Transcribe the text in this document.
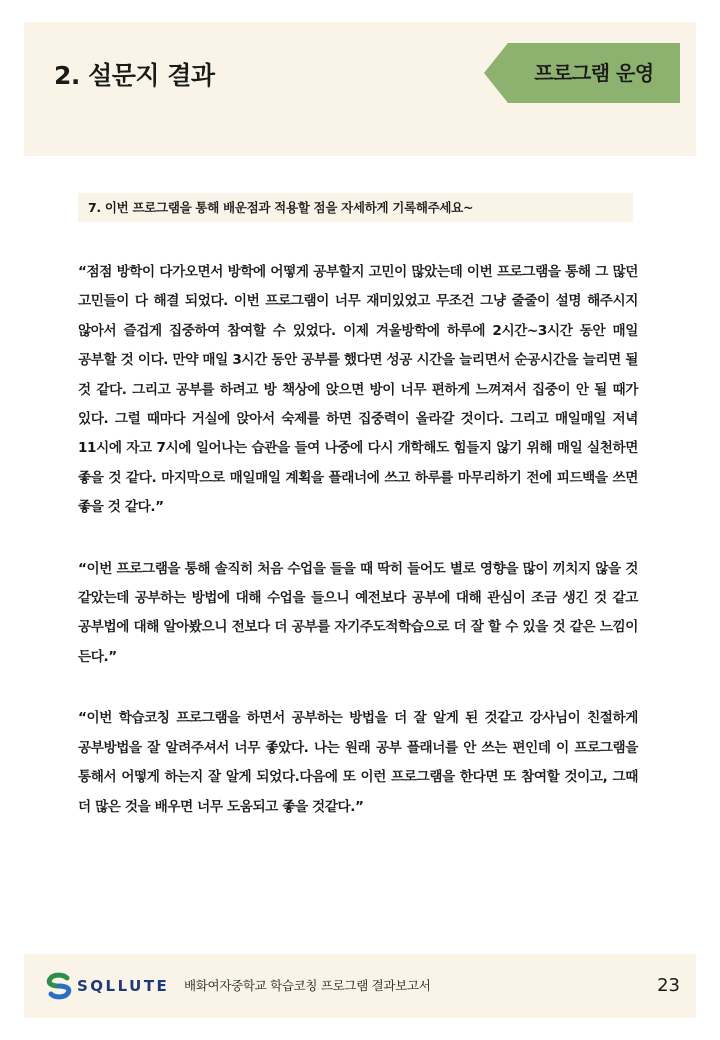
2. 설문지 결과	프로그램 운영
7. 이번 프로그램을 통해 배운점과 적용할 점을 자세하게 기록해주세요~

“점점 방학이 다가오면서 방학에 어떻게 공부할지 고민이 많았는데 이번 프로그램을 통해 그 많던 고민들이 다 해결 되었다. 이번 프로그램이 너무 재미있었고 무조건 그냥 줄줄이 설명 해주시지 않아서 즐겁게 집중하여 참여할 수 있었다. 이제 겨울방학에 하루에 2시간~3시간 동안 매일 공부할 것 이다. 만약 매일 3시간 동안 공부를 했다면 성공 시간을 늘리면서 순공시간을 늘리면 될 것 같다. 그리고 공부를 하려고 방 책상에 앉으면 방이 너무 편하게 느껴져서 집중이 안 될 때가 있다. 그럴 때마다 거실에 앉아서 숙제를 하면 집중력이 올라갈 것이다. 그리고 매일매일 저녁 11시에 자고 7시에 일어나는 습관을 들여 나중에 다시 개학해도 힘들지 않기 위해 매일 실천하면 좋을 것 같다. 마지막으로 매일매일 계획을 플래너에 쓰고 하루를 마무리하기 전에 피드백을 쓰면 좋을 것 같다.”

“이번 프로그램을 통해 솔직히 처음 수업을 들을 때 딱히 들어도 별로 영향을 많이 끼치지 않을 것 같았는데 공부하는 방법에 대해 수업을 들으니 예전보다 공부에 대해 관심이 조금 생긴 것 같고 공부법에 대해 알아봤으니 전보다 더 공부를 자기주도적학습으로 더 잘 할 수 있을 것 같은 느낌이 든다.”

“이번 학습코칭 프로그램을 하면서 공부하는 방법을 더 잘 알게 된 것같고 강사님이 친절하게 공부방법을 잘 알려주셔서 너무 좋았다. 나는 원래 공부 플래너를 안 쓰는 편인데 이 프로그램을 통해서 어떻게 하는지 잘 알게 되었다.다음에 또 이런 프로그램을 한다면 또 참여할 것이고, 그때 더 많은 것을 배우면 너무 도움되고 좋을 것같다.”

SQLLUTE 배화여자중학교 학습코칭 프로그램 결과보고서	23
